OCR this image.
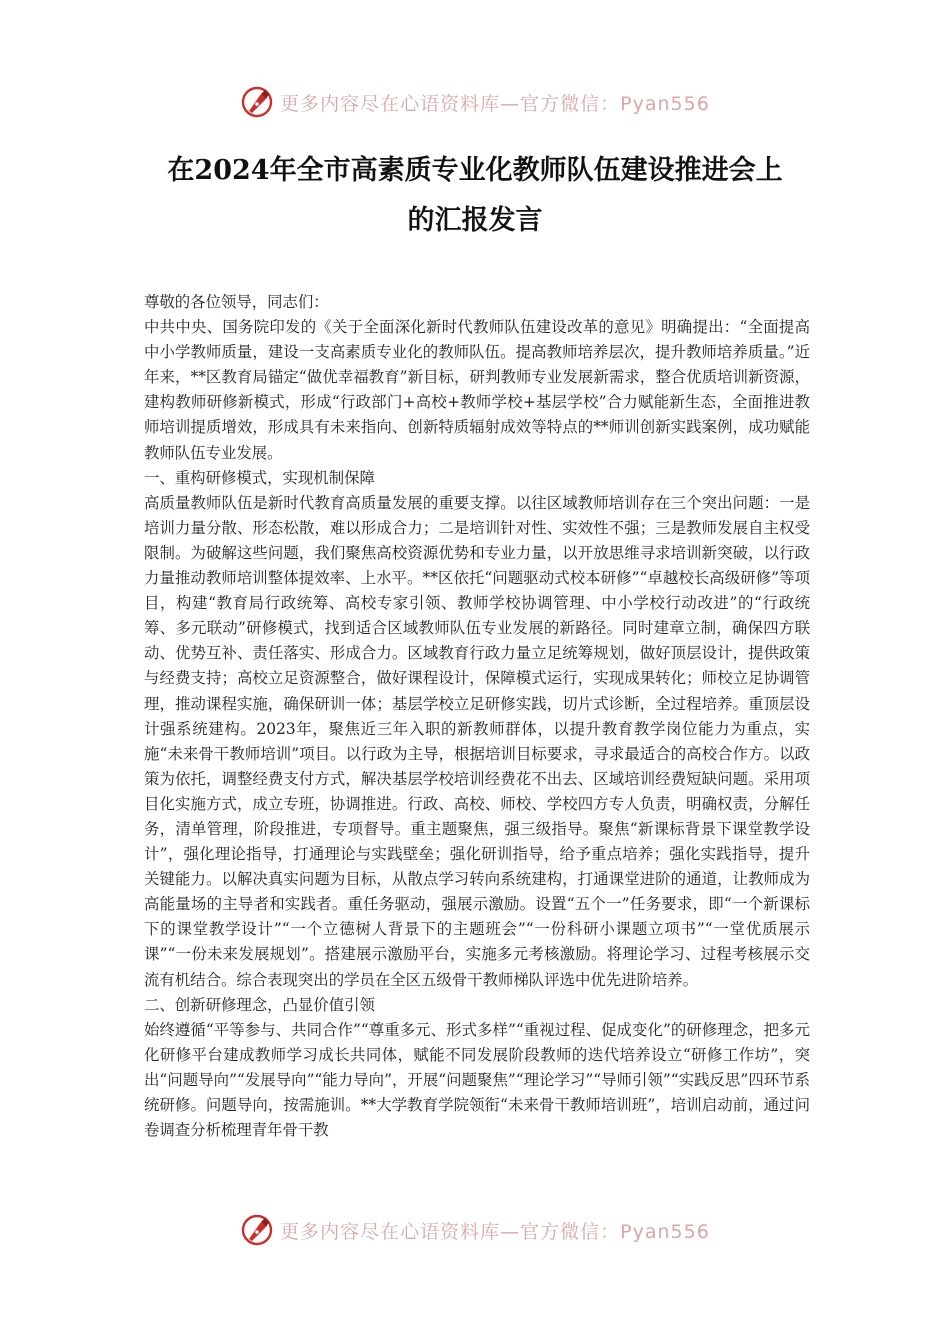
更多内容尽在心语资料库—官方微信：Pyan556
在2024年全市高素质专业化教师队伍建设推进会上
的汇报发言

尊敬的各位领导，同志们：

中共中央、国务院印发的《关于全面深化新时代教师队伍建设改革的意见》明确提出：“全面提高中小学教师质量，建设一支高素质专业化的教师队伍。提高教师培养层次，提升教师培养质量。”近年来，**区教育局锚定“做优幸福教育”新目标，研判教师专业发展新需求，整合优质培训新资源，建构教师研修新模式，形成“行政部门+高校+教师学校+基层学校”合力赋能新生态，全面推进教师培训提质增效，形成具有未来指向、创新特质辐射成效等特点的**师训创新实践案例，成功赋能教师队伍专业发展。

一、重构研修模式，实现机制保障

高质量教师队伍是新时代教育高质量发展的重要支撑。以往区域教师培训存在三个突出问题：一是培训力量分散、形态松散，难以形成合力；二是培训针对性、实效性不强；三是教师发展自主权受限制。为破解这些问题，我们聚焦高校资源优势和专业力量，以开放思维寻求培训新突破，以行政力量推动教师培训整体提效率、上水平。**区依托“问题驱动式校本研修”“卓越校长高级研修”等项目，构建“教育局行政统筹、高校专家引领、教师学校协调管理、中小学校行动改进”的“行政统筹、多元联动”研修模式，找到适合区域教师队伍专业发展的新路径。同时建章立制，确保四方联动、优势互补、责任落实、形成合力。区域教育行政力量立足统筹规划，做好顶层设计，提供政策与经费支持；高校立足资源整合，做好课程设计，保障模式运行，实现成果转化；师校立足协调管理，推动课程实施，确保研训一体；基层学校立足研修实践，切片式诊断，全过程培养。重顶层设计强系统建构。2023年，聚焦近三年入职的新教师群体，以提升教育教学岗位能力为重点，实施“未来骨干教师培训”项目。以行政为主导，根据培训目标要求，寻求最适合的高校合作方。以政策为依托，调整经费支付方式，解决基层学校培训经费花不出去、区域培训经费短缺问题。采用项目化实施方式，成立专班，协调推进。行政、高校、师校、学校四方专人负责，明确权责，分解任务，清单管理，阶段推进，专项督导。重主题聚焦，强三级指导。聚焦“新课标背景下课堂教学设计”，强化理论指导，打通理论与实践壁垒；强化研训指导，给予重点培养；强化实践指导，提升关键能力。以解决真实问题为目标，从散点学习转向系统建构，打通课堂进阶的通道，让教师成为高能量场的主导者和实践者。重任务驱动，强展示激励。设置“五个一”任务要求，即“一个新课标下的课堂教学设计”“一个立德树人背景下的主题班会”“一份科研小课题立项书”“一堂优质展示课”“一份未来发展规划”。搭建展示激励平台，实施多元考核激励。将理论学习、过程考核展示交流有机结合。综合表现突出的学员在全区五级骨干教师梯队评选中优先进阶培养。

二、创新研修理念，凸显价值引领

始终遵循“平等参与、共同合作”“尊重多元、形式多样”“重视过程、促成变化”的研修理念，把多元化研修平台建成教师学习成长共同体，赋能不同发展阶段教师的迭代培养设立“研修工作坊”，突出“问题导向”“发展导向”“能力导向”，开展“问题聚焦”“理论学习”“导师引领”“实践反思”四环节系统研修。问题导向，按需施训。**大学教育学院领衔“未来骨干教师培训班”，培训启动前，通过问卷调查分析梳理青年骨干教

更多内容尽在心语资料库—官方微信：Pyan556
